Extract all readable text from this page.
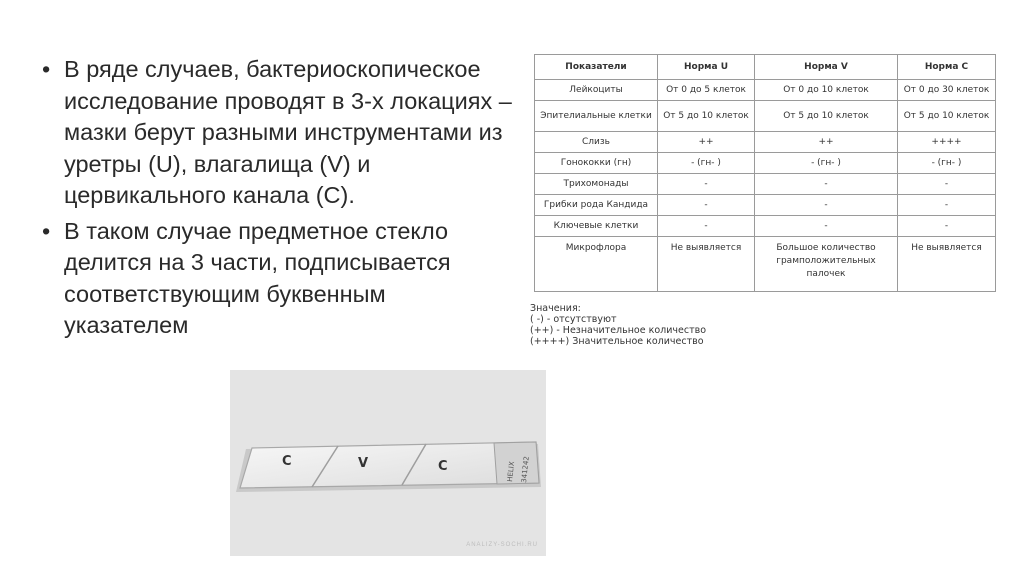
• В ряде случаев, бактериоскопическое исследование проводят в 3-х локациях – мазки берут разными инструментами из уретры (U), влагалища (V) и цервикального канала (C).
• В таком случае предметное стекло делится на 3 части, подписывается соответствующим буквенным указателем
HELIX 341242
C	V	C
ANALIZY-SOCHI.RU
Показатели	Норма U	Норма V	Норма C
Лейкоциты	От 0 до 5 клеток	От 0 до 10 клеток	От 0 до 30 клеток
Эпителиальные клетки	От 5 до 10 клеток	От 5 до 10 клеток	От 5 до 10 клеток
Слизь	++	++	++++
Гонококки (гн)	- (гн- )	- (гн- )	- (гн- )
Трихомонады	-	-	-
Грибки рода Кандида	-	-	-
Ключевые клетки	-	-	-
Микрофлора	Не выявляется	Большое количество грамположительных палочек	Не выявляется
Значения:
( -) - отсутствуют
(++) - Незначительное количество
(++++) Значительное количество
